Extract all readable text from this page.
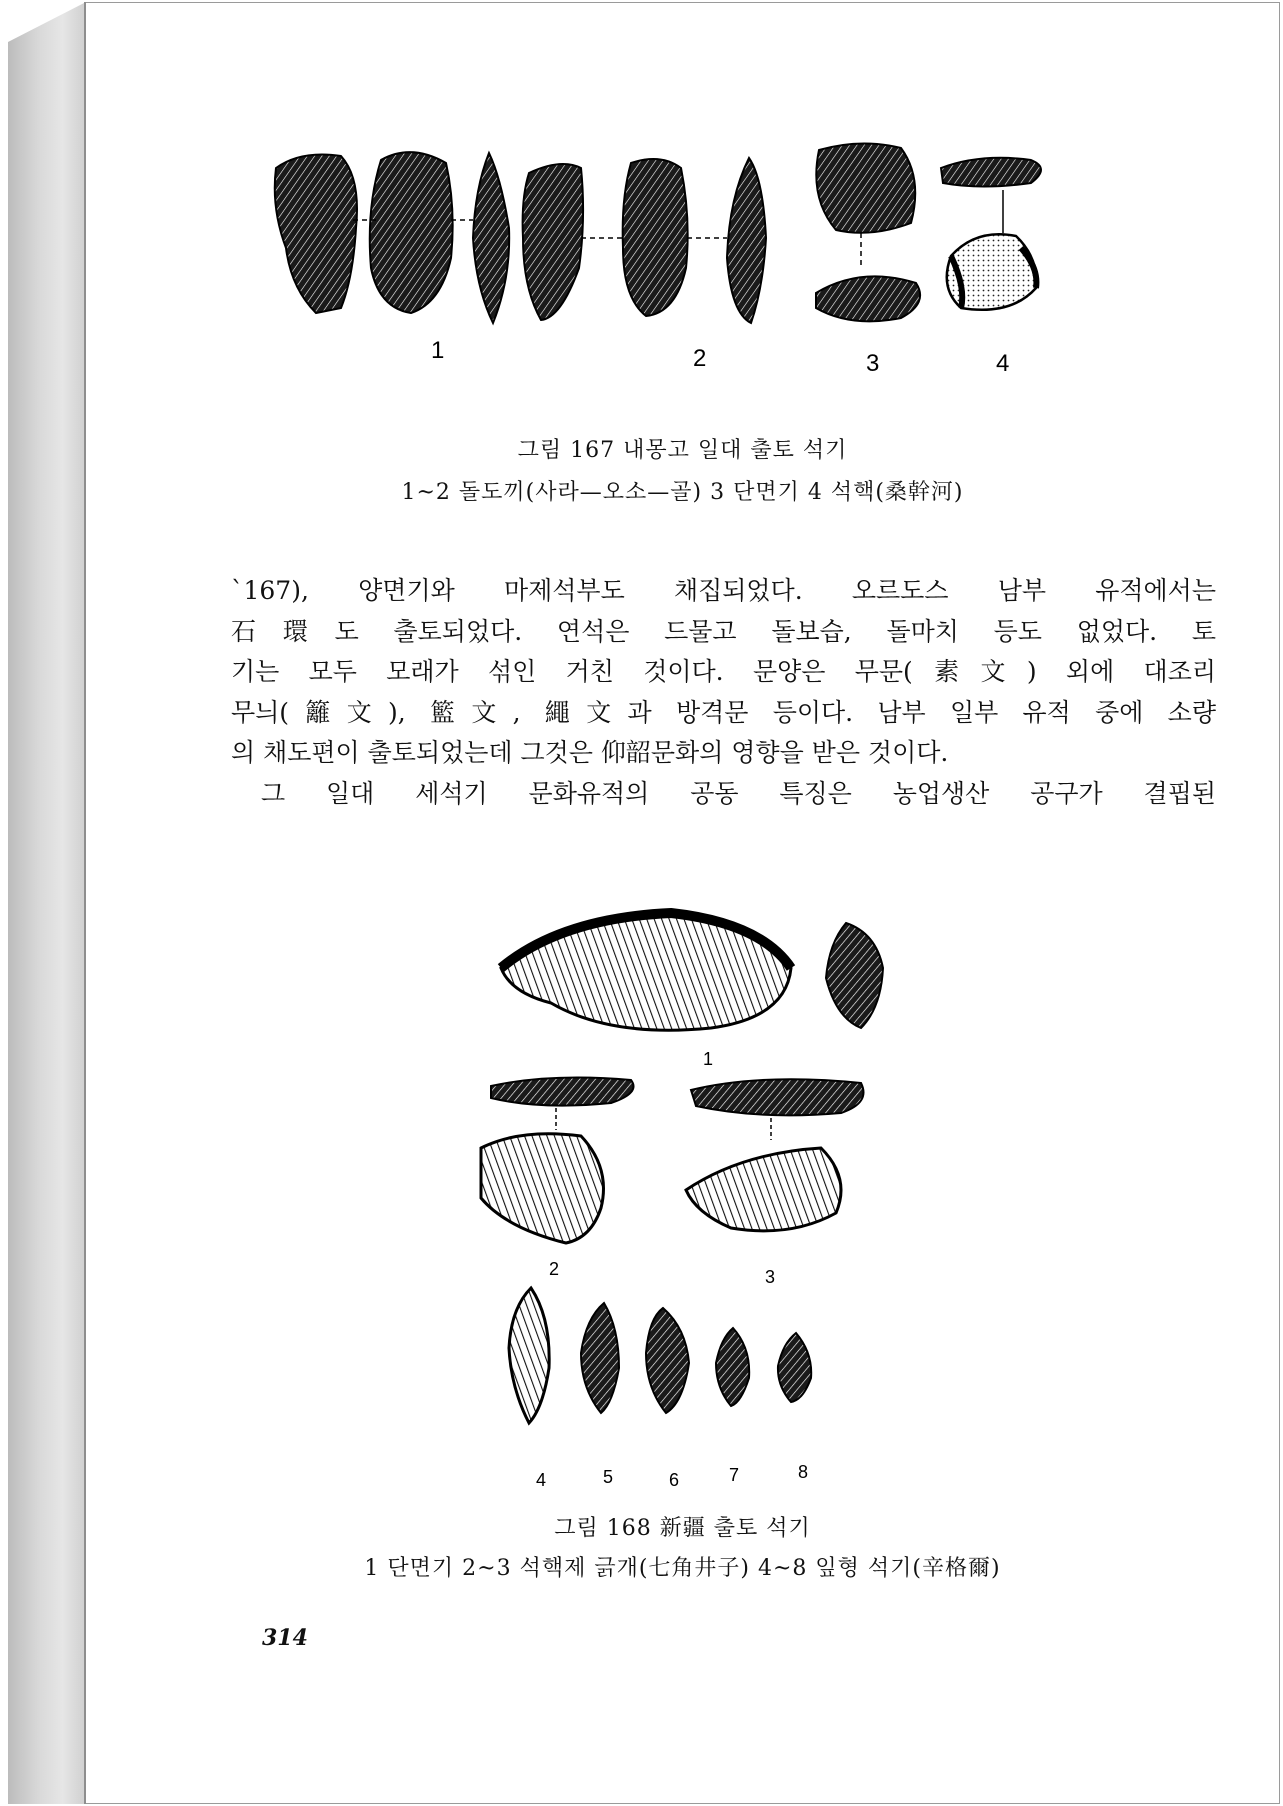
1	2	3	4
그림 167 내몽고 일대 출토 석기
1~2 돌도끼(사라—오소—골) 3 단면기 4 석핵(桑幹河)

`167), 양면기와 마제석부도 채집되었다. 오르도스 남부 유적에서는

石環도 출토되었다. 연석은 드물고 돌보습, 돌마치 등도 없었다. 토

기는 모두 모래가 섞인 거친 것이다. 문양은 무문(素文) 외에 대조리

무늬(籬文), 籃文, 繩文과 방격문 등이다. 남부 일부 유적 중에 소량

의 채도편이 출토되었는데 그것은 仰韶문화의 영향을 받은 것이다.

그 일대 세석기 문화유적의 공동 특징은 농업생산 공구가 결핍된

1
2	3
4	5	6	7	8
그림 168 新疆 출토 석기
1 단면기 2~3 석핵제 긁개(七角井子) 4~8 잎형 석기(辛格爾)
314
